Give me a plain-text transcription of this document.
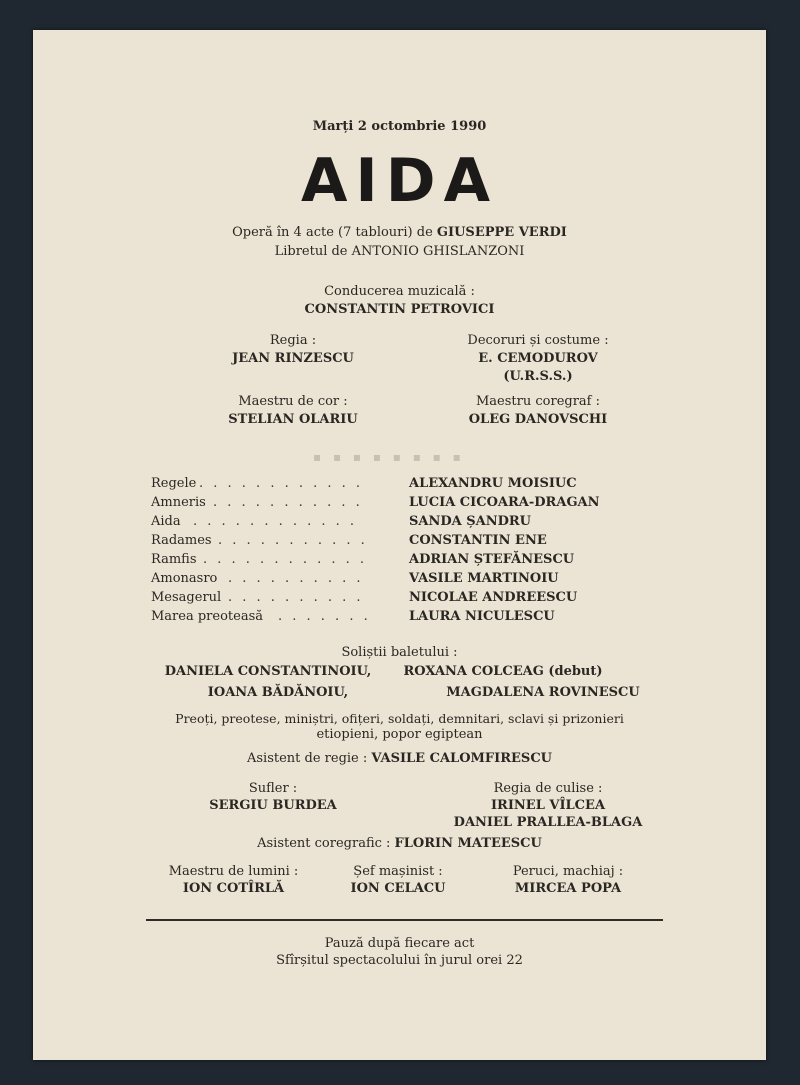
Marți 2 octombrie 1990
AIDA
Operă în 4 acte (7 tablouri) de GIUSEPPE VERDI
Libretul de ANTONIO GHISLANZONI
Conducerea muzicală :
CONSTANTIN PETROVICI
Regia :
JEAN RINZESCU
Decoruri și costume :
E. CEMODUROV
(U.R.S.S.)
Maestru de cor :
STELIAN OLARIU
Maestru coregraf :
OLEG DANOVSCHI
▪ ▪ ▪ ▪ ▪ ▪ ▪ ▪
Regele . . . . . . . . . . . .	ALEXANDRU MOISIUC
Amneris . . . . . . . . . . .	LUCIA CICOARA-DRAGAN
Aida . . . . . . . . . . . .	SANDA ȘANDRU
Radames . . . . . . . . . . .	CONSTANTIN ENE
Ramfis . . . . . . . . . . . .	ADRIAN ȘTEFĂNESCU
Amonasro . . . . . . . . . .	VASILE MARTINOIU
Mesagerul . . . . . . . . . .	NICOLAE ANDREESCU
Marea preoteasă . . . . . . .	LAURA NICULESCU
Soliștii baletului :
DANIELA CONSTANTINOIU,	ROXANA COLCEAG (debut)
IOANA BĂDĂNOIU,	MAGDALENA ROVINESCU
Preoți, preotese, miniștri, ofițeri, soldați, demnitari, sclavi și prizonieri
etiopieni, popor egiptean
Asistent de regie : VASILE CALOMFIRESCU
Sufler :
SERGIU BURDEA
Regia de culise :
IRINEL VÎLCEA
DANIEL PRALLEA-BLAGA
Asistent coregrafic : FLORIN MATEESCU
Maestru de lumini :
ION COTÎRLĂ
Șef mașinist :
ION CELACU
Peruci, machiaj :
MIRCEA POPA
Pauză după fiecare act
Sfîrșitul spectacolului în jurul orei 22
